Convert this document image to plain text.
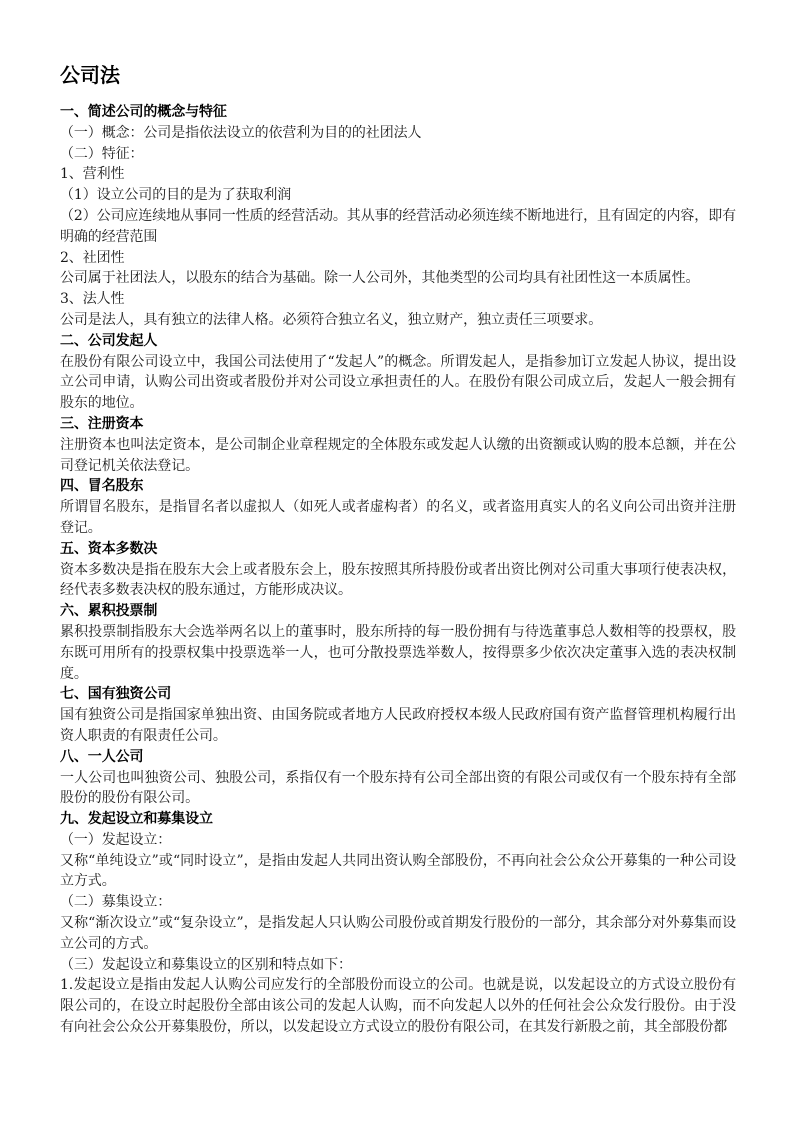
公司法

一、简述公司的概念与特征

（一）概念：公司是指依法设立的依营利为目的的社团法人

（二）特征：

1、营利性

（1）设立公司的目的是为了获取利润

（2）公司应连续地从事同一性质的经营活动。其从事的经营活动必须连续不断地进行，且有固定的内容，即有明确的经营范围

2、社团性

公司属于社团法人，以股东的结合为基础。除一人公司外，其他类型的公司均具有社团性这一本质属性。

3、法人性

公司是法人，具有独立的法律人格。必须符合独立名义，独立财产，独立责任三项要求。

二、公司发起人

在股份有限公司设立中，我国公司法使用了“发起人”的概念。所谓发起人，是指参加订立发起人协议，提出设立公司申请，认购公司出资或者股份并对公司设立承担责任的人。在股份有限公司成立后，发起人一般会拥有股东的地位。

三、注册资本

注册资本也叫法定资本，是公司制企业章程规定的全体股东或发起人认缴的出资额或认购的股本总额，并在公司登记机关依法登记。

四、冒名股东

所谓冒名股东，是指冒名者以虚拟人（如死人或者虚构者）的名义，或者盗用真实人的名义向公司出资并注册登记。

五、资本多数决

资本多数决是指在股东大会上或者股东会上，股东按照其所持股份或者出资比例对公司重大事项行使表决权，经代表多数表决权的股东通过，方能形成决议。

六、累积投票制

累积投票制指股东大会选举两名以上的董事时，股东所持的每一股份拥有与待选董事总人数相等的投票权，股东既可用所有的投票权集中投票选举一人，也可分散投票选举数人，按得票多少依次决定董事入选的表决权制度。

七、国有独资公司

国有独资公司是指国家单独出资、由国务院或者地方人民政府授权本级人民政府国有资产监督管理机构履行出资人职责的有限责任公司。

八、一人公司

一人公司也叫独资公司、独股公司，系指仅有一个股东持有公司全部出资的有限公司或仅有一个股东持有全部股份的股份有限公司。

九、发起设立和募集设立

（一）发起设立：

又称“单纯设立”或“同时设立”，是指由发起人共同出资认购全部股份，不再向社会公众公开募集的一种公司设立方式。

（二）募集设立：

又称“渐次设立”或“复杂设立”，是指发起人只认购公司股份或首期发行股份的一部分，其余部分对外募集而设立公司的方式。

（三）发起设立和募集设立的区别和特点如下：

1.发起设立是指由发起人认购公司应发行的全部股份而设立的公司。也就是说，以发起设立的方式设立股份有限公司的，在设立时起股份全部由该公司的发起人认购，而不向发起人以外的任何社会公众发行股份。由于没有向社会公众公开募集股份，所以，以发起设立方式设立的股份有限公司，在其发行新股之前，其全部股份都
